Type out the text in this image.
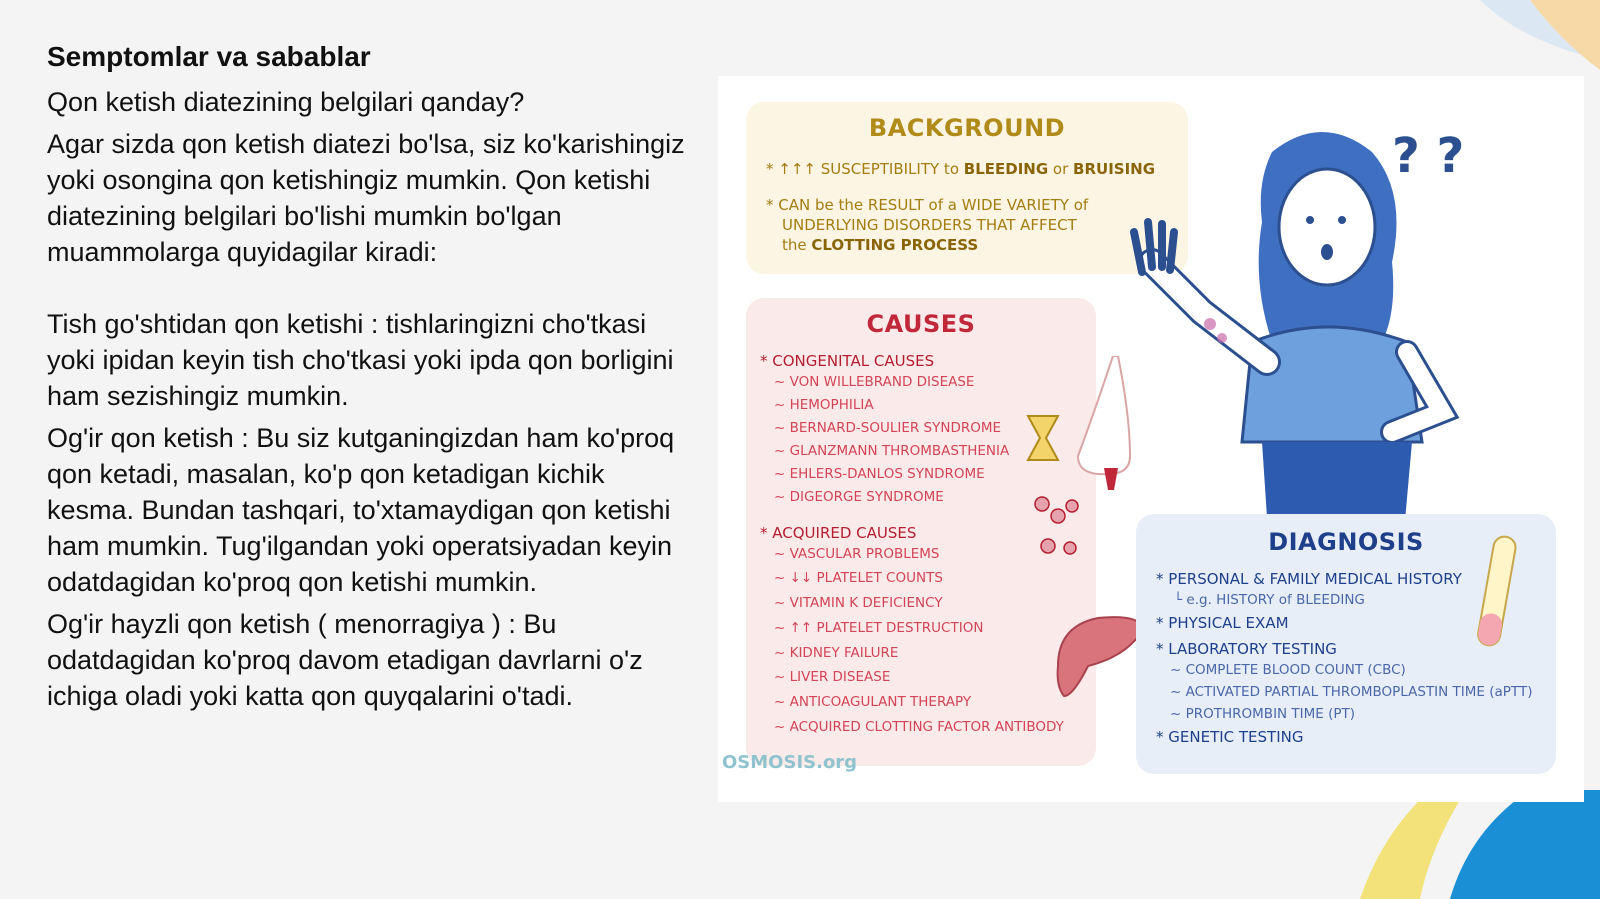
Semptomlar va sabablar

Qon ketish diatezining belgilari qanday?

Agar sizda qon ketish diatezi bo'lsa, siz ko'karishingiz yoki osongina qon ketishingiz mumkin. Qon ketishi diatezining belgilari bo'lishi mumkin bo'lgan muammolarga quyidagilar kiradi:

Tish go'shtidan qon ketishi : tishlaringizni cho'tkasi yoki ipidan keyin tish cho'tkasi yoki ipda qon borligini ham sezishingiz mumkin.

Og'ir qon ketish : Bu siz kutganingizdan ham ko'proq qon ketadi, masalan, ko'p qon ketadigan kichik kesma. Bundan tashqari, to'xtamaydigan qon ketishi ham mumkin. Tug'ilgandan yoki operatsiyadan keyin odatdagidan ko'proq qon ketishi mumkin.

Og'ir hayzli qon ketish ( menorragiya ) : Bu odatdagidan ko'proq davom etadigan davrlarni o'z ichiga oladi yoki katta qon quyqalarini o'tadi.

BACKGROUND
* ↑↑↑ SUSCEPTIBILITY to BLEEDING or BRUISING
* CAN be the RESULT of a WIDE VARIETY of
UNDERLYING DISORDERS THAT AFFECT
the CLOTTING PROCESS
? ?
CAUSES
* CONGENITAL CAUSES
~ VON WILLEBRAND DISEASE
~ HEMOPHILIA
~ BERNARD-SOULIER SYNDROME
~ GLANZMANN THROMBASTHENIA
~ EHLERS-DANLOS SYNDROME
~ DIGEORGE SYNDROME
* ACQUIRED CAUSES
~ VASCULAR PROBLEMS
~ ↓↓ PLATELET COUNTS
~ VITAMIN K DEFICIENCY
~ ↑↑ PLATELET DESTRUCTION
~ KIDNEY FAILURE
~ LIVER DISEASE
~ ANTICOAGULANT THERAPY
~ ACQUIRED CLOTTING FACTOR ANTIBODY
DIAGNOSIS
* PERSONAL & FAMILY MEDICAL HISTORY
└ e.g. HISTORY of BLEEDING
* PHYSICAL EXAM
* LABORATORY TESTING
~ COMPLETE BLOOD COUNT (CBC)
~ ACTIVATED PARTIAL THROMBOPLASTIN TIME (aPTT)
~ PROTHROMBIN TIME (PT)
* GENETIC TESTING
OSMOSIS.org
